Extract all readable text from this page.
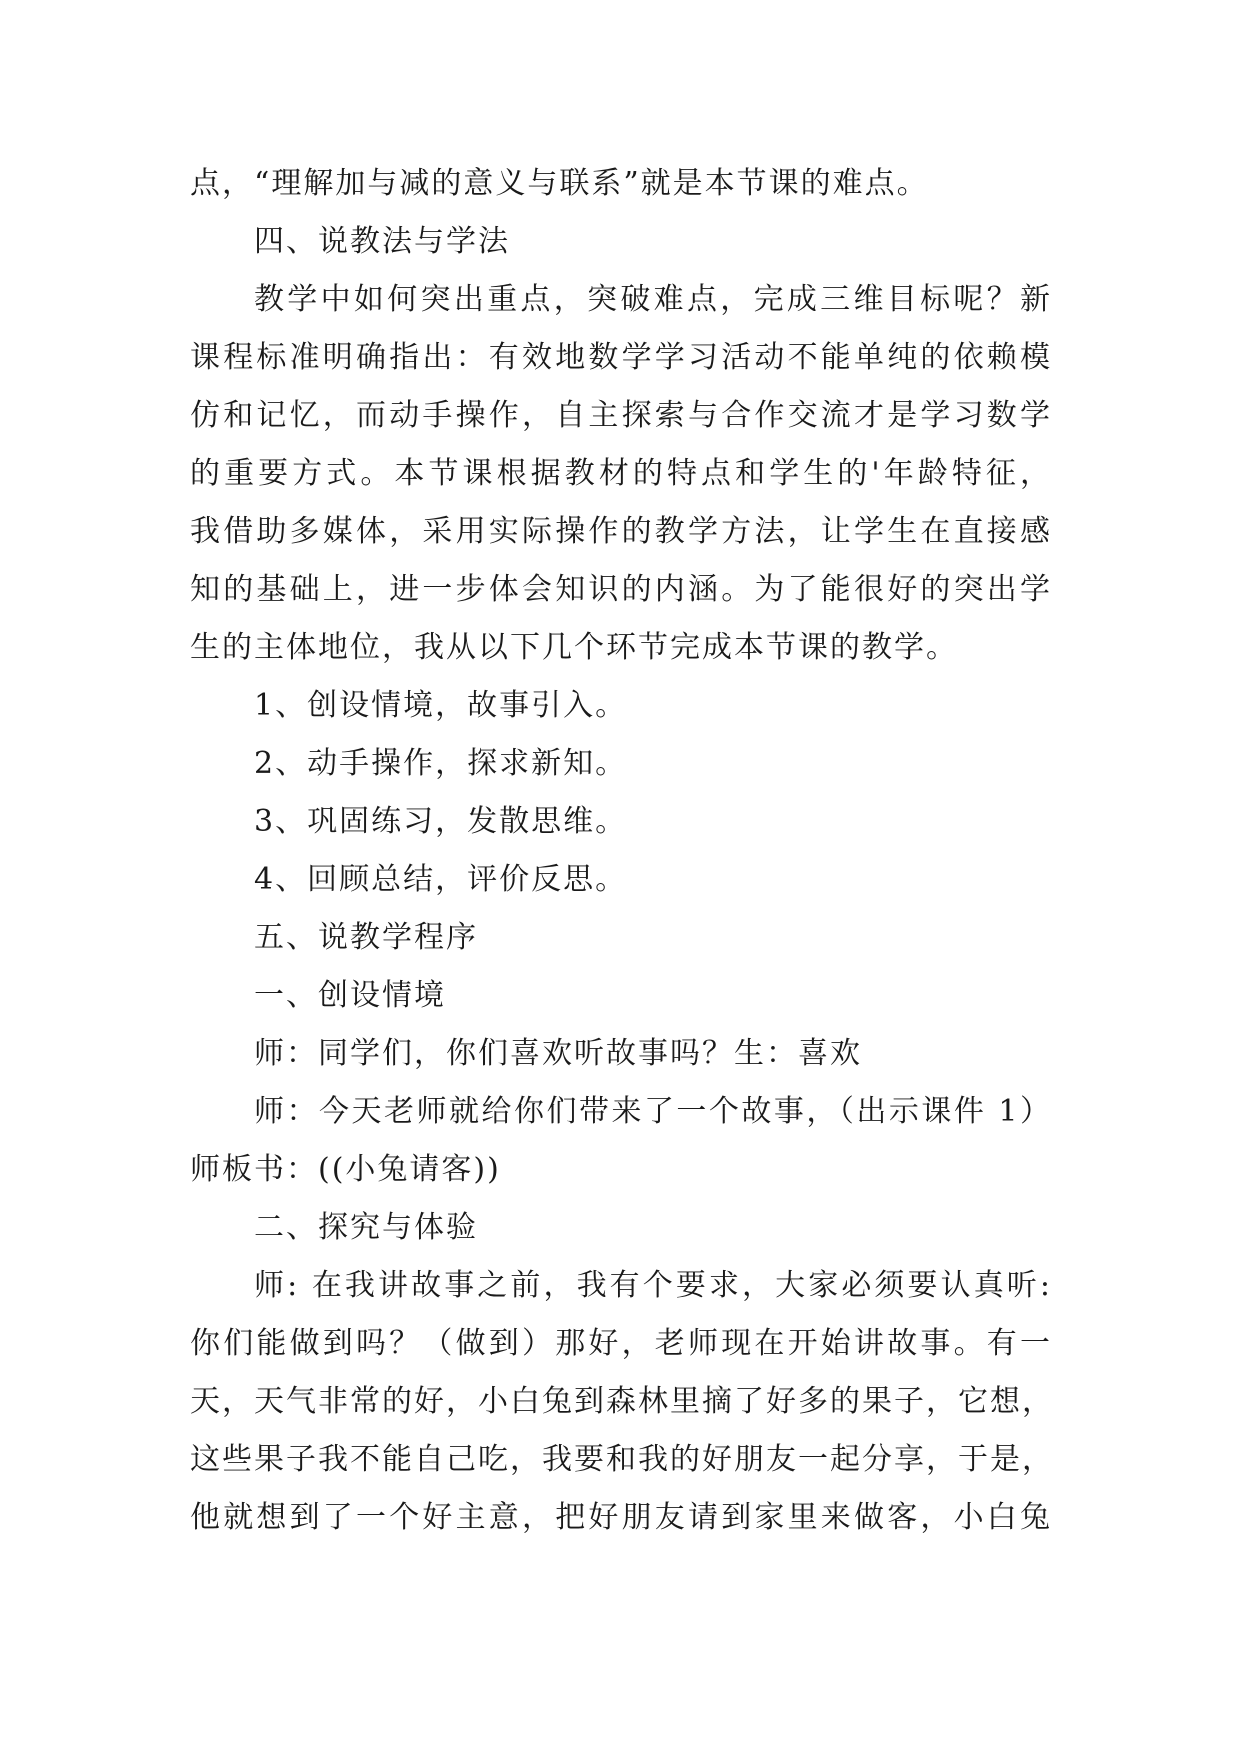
点，“理解加与减的意义与联系”就是本节课的难点。
四、说教法与学法
教学中如何突出重点，突破难点，完成三维目标呢？新
课程标准明确指出：有效地数学学习活动不能单纯的依赖模
仿和记忆，而动手操作，自主探索与合作交流才是学习数学
的重要方式。本节课根据教材的特点和学生的'年龄特征，
我借助多媒体，采用实际操作的教学方法，让学生在直接感
知的基础上，进一步体会知识的内涵。为了能很好的突出学
生的主体地位，我从以下几个环节完成本节课的教学。
1、创设情境，故事引入。
2、动手操作，探求新知。
3、巩固练习，发散思维。
4、回顾总结，评价反思。
五、说教学程序
一、创设情境
师：同学们，你们喜欢听故事吗？生：喜欢
师：今天老师就给你们带来了一个故事，（出示课件 1）
师板书：((小兔请客))
二、探究与体验
师: 在我讲故事之前，我有个要求，大家必须要认真听:
你们能做到吗？（做到）那好，老师现在开始讲故事。有一
天，天气非常的好，小白兔到森林里摘了好多的果子，它想，
这些果子我不能自己吃，我要和我的好朋友一起分享，于是，
他就想到了一个好主意，把好朋友请到家里来做客，小白兔
